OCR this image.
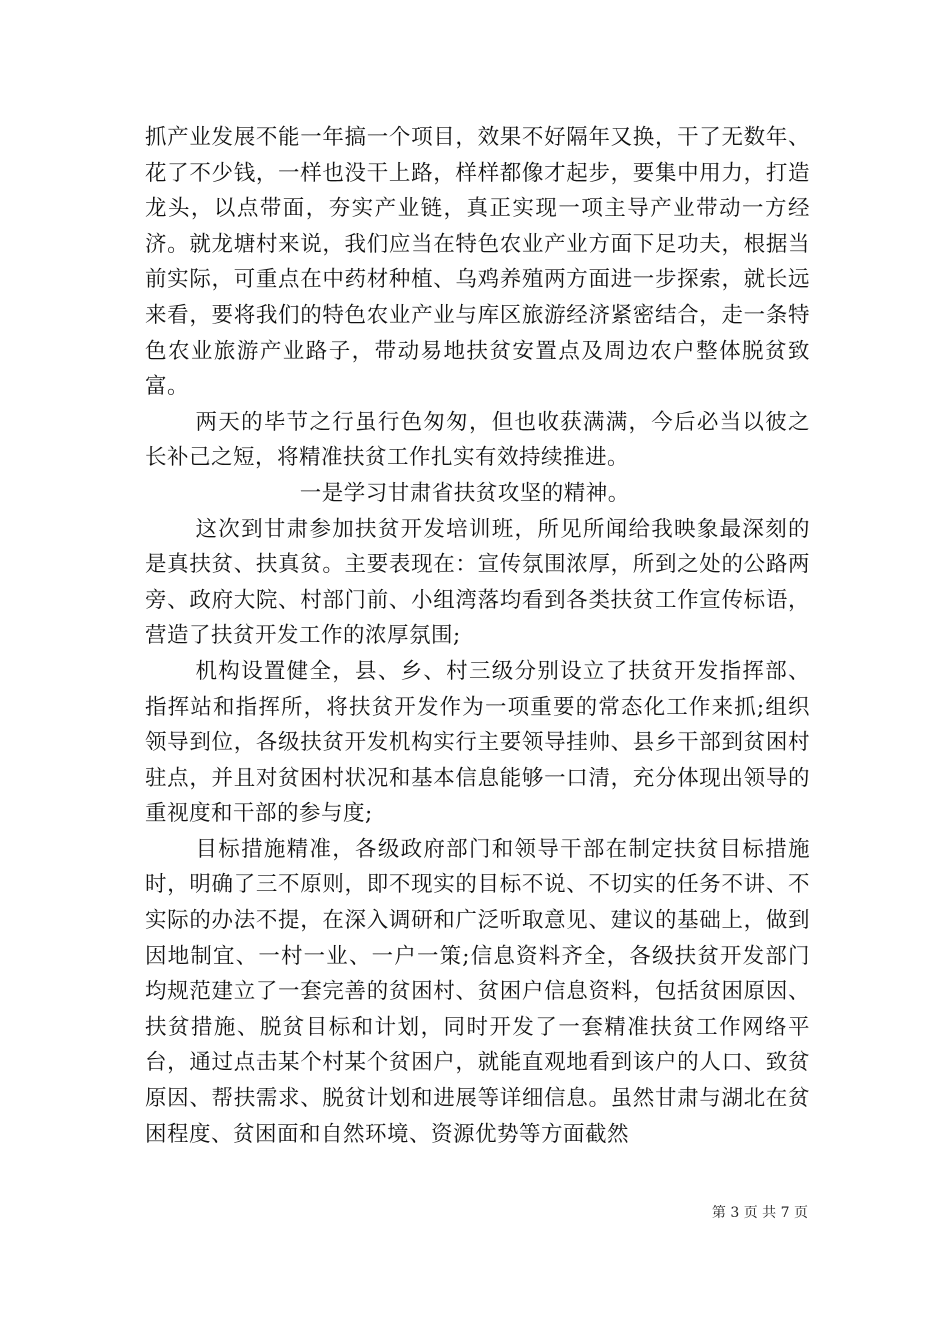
抓产业发展不能一年搞一个项目，效果不好隔年又换，干了无数年、花了不少钱，一样也没干上路，样样都像才起步，要集中用力，打造龙头，以点带面，夯实产业链，真正实现一项主导产业带动一方经济。就龙塘村来说，我们应当在特色农业产业方面下足功夫，根据当前实际，可重点在中药材种植、乌鸡养殖两方面进一步探索，就长远来看，要将我们的特色农业产业与库区旅游经济紧密结合，走一条特色农业旅游产业路子，带动易地扶贫安置点及周边农户整体脱贫致富。

两天的毕节之行虽行色匆匆，但也收获满满，今后必当以彼之长补己之短，将精准扶贫工作扎实有效持续推进。

一是学习甘肃省扶贫攻坚的精神。

这次到甘肃参加扶贫开发培训班，所见所闻给我映象最深刻的是真扶贫、扶真贫。主要表现在：宣传氛围浓厚，所到之处的公路两旁、政府大院、村部门前、小组湾落均看到各类扶贫工作宣传标语，营造了扶贫开发工作的浓厚氛围;

机构设置健全，县、乡、村三级分别设立了扶贫开发指挥部、指挥站和指挥所，将扶贫开发作为一项重要的常态化工作来抓;组织领导到位，各级扶贫开发机构实行主要领导挂帅、县乡干部到贫困村驻点，并且对贫困村状况和基本信息能够一口清，充分体现出领导的重视度和干部的参与度;

目标措施精准，各级政府部门和领导干部在制定扶贫目标措施时，明确了三不原则，即不现实的目标不说、不切实的任务不讲、不实际的办法不提，在深入调研和广泛听取意见、建议的基础上，做到因地制宜、一村一业、一户一策;信息资料齐全，各级扶贫开发部门均规范建立了一套完善的贫困村、贫困户信息资料，包括贫困原因、扶贫措施、脱贫目标和计划，同时开发了一套精准扶贫工作网络平台，通过点击某个村某个贫困户，就能直观地看到该户的人口、致贫原因、帮扶需求、脱贫计划和进展等详细信息。虽然甘肃与湖北在贫困程度、贫困面和自然环境、资源优势等方面截然

第 3 页 共 7 页
